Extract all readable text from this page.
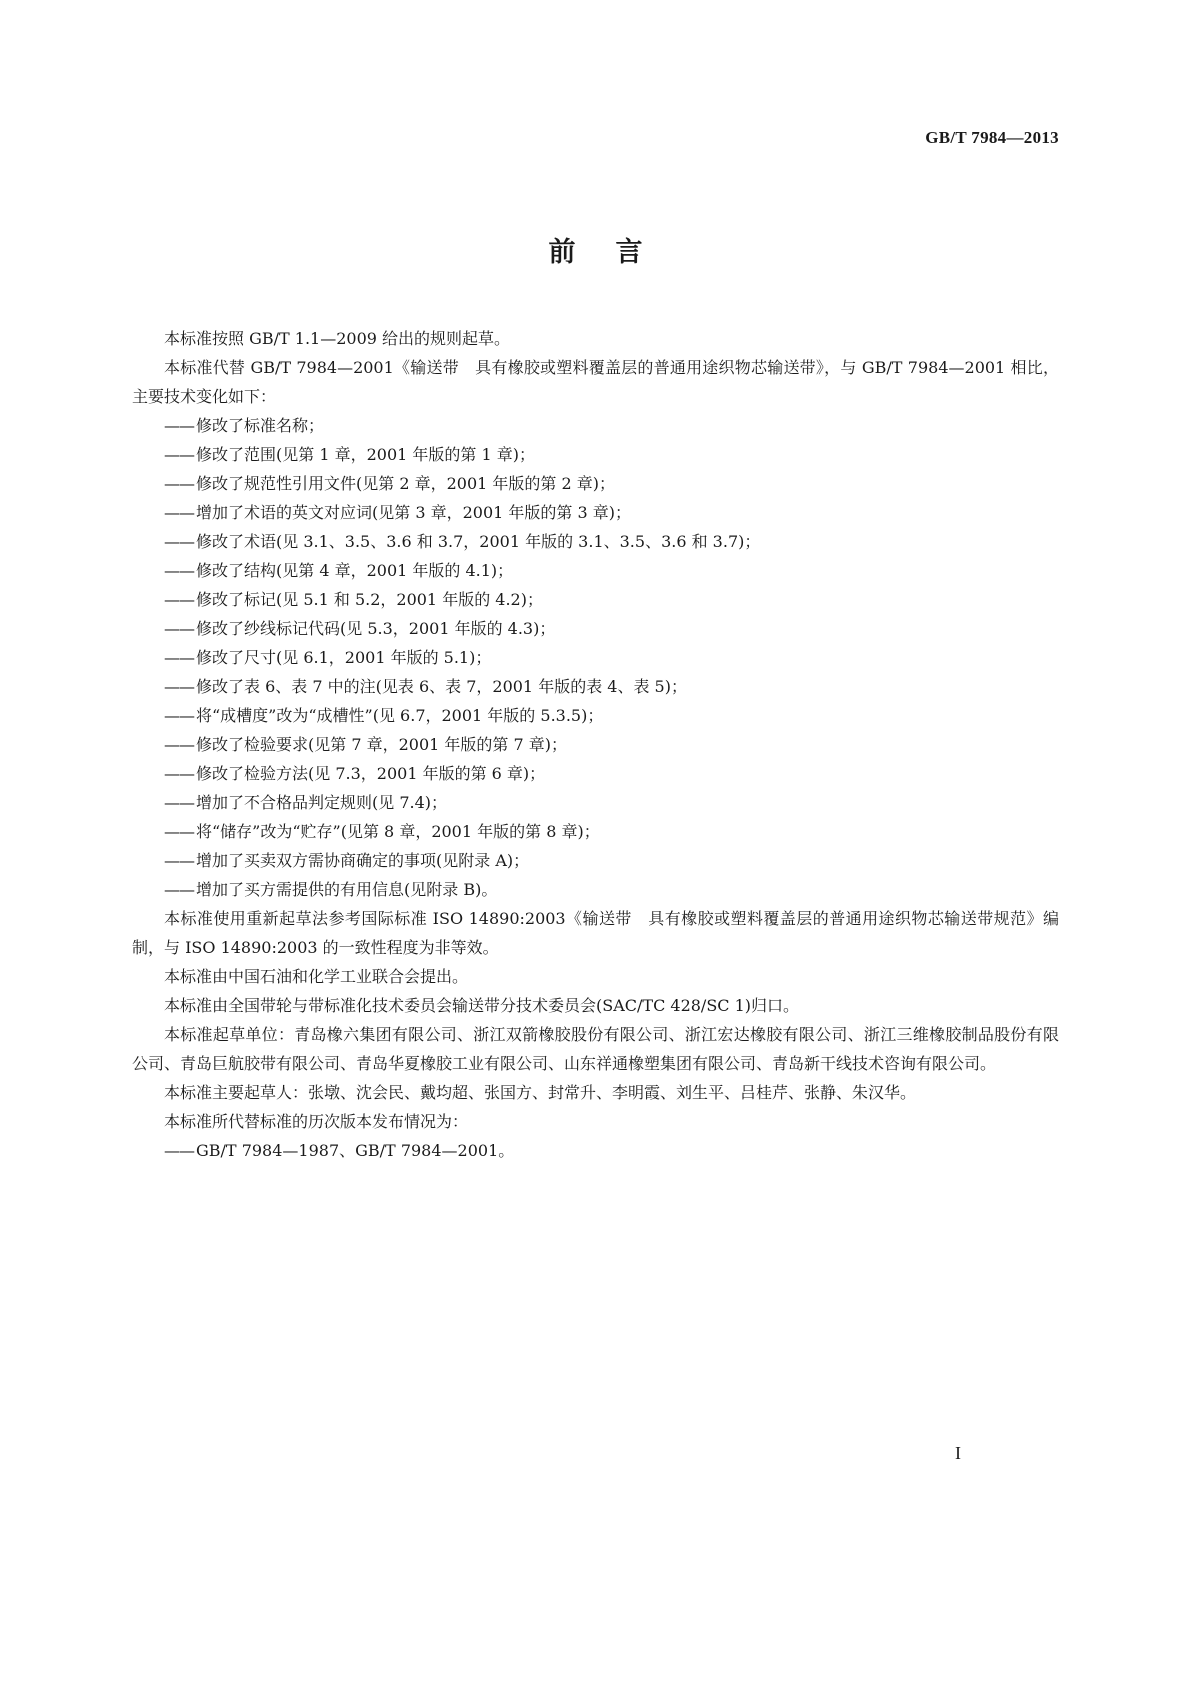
GB/T 7984—2013
前言

本标准按照 GB/T 1.1—2009 给出的规则起草。

本标准代替 GB/T 7984—2001《输送带　具有橡胶或塑料覆盖层的普通用途织物芯输送带》，与 GB/T 7984—2001 相比，主要技术变化如下：

—— 修改了标准名称；
—— 修改了范围(见第 1 章，2001 年版的第 1 章)；
—— 修改了规范性引用文件(见第 2 章，2001 年版的第 2 章)；
—— 增加了术语的英文对应词(见第 3 章，2001 年版的第 3 章)；
—— 修改了术语(见 3.1、3.5、3.6 和 3.7，2001 年版的 3.1、3.5、3.6 和 3.7)；
—— 修改了结构(见第 4 章，2001 年版的 4.1)；
—— 修改了标记(见 5.1 和 5.2，2001 年版的 4.2)；
—— 修改了纱线标记代码(见 5.3，2001 年版的 4.3)；
—— 修改了尺寸(见 6.1，2001 年版的 5.1)；
—— 修改了表 6、表 7 中的注(见表 6、表 7，2001 年版的表 4、表 5)；
—— 将“成槽度”改为“成槽性”(见 6.7，2001 年版的 5.3.5)；
—— 修改了检验要求(见第 7 章，2001 年版的第 7 章)；
—— 修改了检验方法(见 7.3，2001 年版的第 6 章)；
—— 增加了不合格品判定规则(见 7.4)；
—— 将“储存”改为“贮存”(见第 8 章，2001 年版的第 8 章)；
—— 增加了买卖双方需协商确定的事项(见附录 A)；
—— 增加了买方需提供的有用信息(见附录 B)。

本标准使用重新起草法参考国际标准 ISO 14890:2003《输送带　具有橡胶或塑料覆盖层的普通用途织物芯输送带规范》编制，与 ISO 14890:2003 的一致性程度为非等效。

本标准由中国石油和化学工业联合会提出。

本标准由全国带轮与带标准化技术委员会输送带分技术委员会(SAC/TC 428/SC 1)归口。

本标准起草单位：青岛橡六集团有限公司、浙江双箭橡胶股份有限公司、浙江宏达橡胶有限公司、浙江三维橡胶制品股份有限公司、青岛巨航胶带有限公司、青岛华夏橡胶工业有限公司、山东祥通橡塑集团有限公司、青岛新干线技术咨询有限公司。

本标准主要起草人：张墩、沈会民、戴均超、张国方、封常升、李明霞、刘生平、吕桂芹、张静、朱汉华。

本标准所代替标准的历次版本发布情况为：

—— GB/T 7984—1987、GB/T 7984—2001。
I
